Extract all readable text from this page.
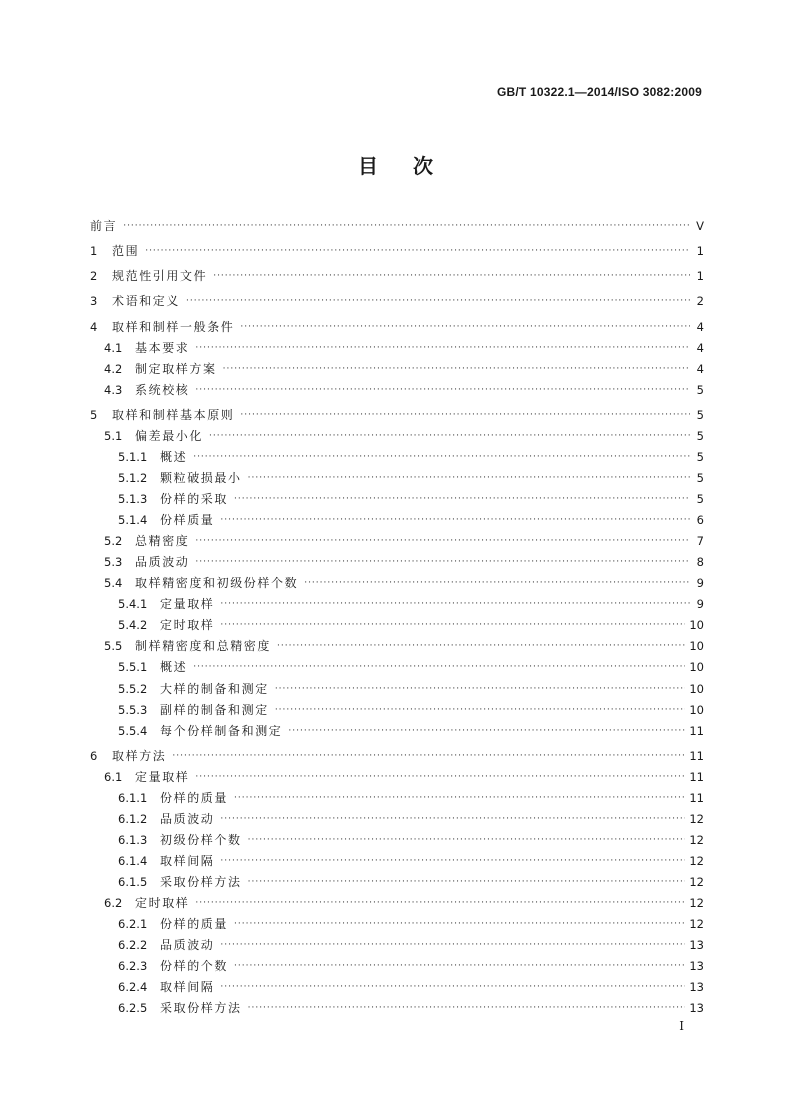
GB/T 10322.1—2014/ISO 3082:2009
目 次
前言 ·····	V
1	范围 ·····	1
2	规范性引用文件 ·····	1
3	术语和定义 ·····	2
4	取样和制样一般条件 ·····	4
4.1	基本要求 ·····	4
4.2	制定取样方案 ·····	4
4.3	系统校核 ·····	5
5	取样和制样基本原则 ·····	5
5.1	偏差最小化 ·····	5
5.1.1	概述 ·····	5
5.1.2	颗粒破损最小 ·····	5
5.1.3	份样的采取 ·····	5
5.1.4	份样质量 ·····	6
5.2	总精密度 ·····	7
5.3	品质波动 ·····	8
5.4	取样精密度和初级份样个数 ·····	9
5.4.1	定量取样 ·····	9
5.4.2	定时取样 ·····	10
5.5	制样精密度和总精密度 ·····	10
5.5.1	概述 ·····	10
5.5.2	大样的制备和测定 ·····	10
5.5.3	副样的制备和测定 ·····	10
5.5.4	每个份样制备和测定 ·····	11
6	取样方法 ·····	11
6.1	定量取样 ·····	11
6.1.1	份样的质量 ·····	11
6.1.2	品质波动 ·····	12
6.1.3	初级份样个数 ·····	12
6.1.4	取样间隔 ·····	12
6.1.5	采取份样方法 ·····	12
6.2	定时取样 ·····	12
6.2.1	份样的质量 ·····	12
6.2.2	品质波动 ·····	13
6.2.3	份样的个数 ·····	13
6.2.4	取样间隔 ·····	13
6.2.5	采取份样方法 ·····	13
I
